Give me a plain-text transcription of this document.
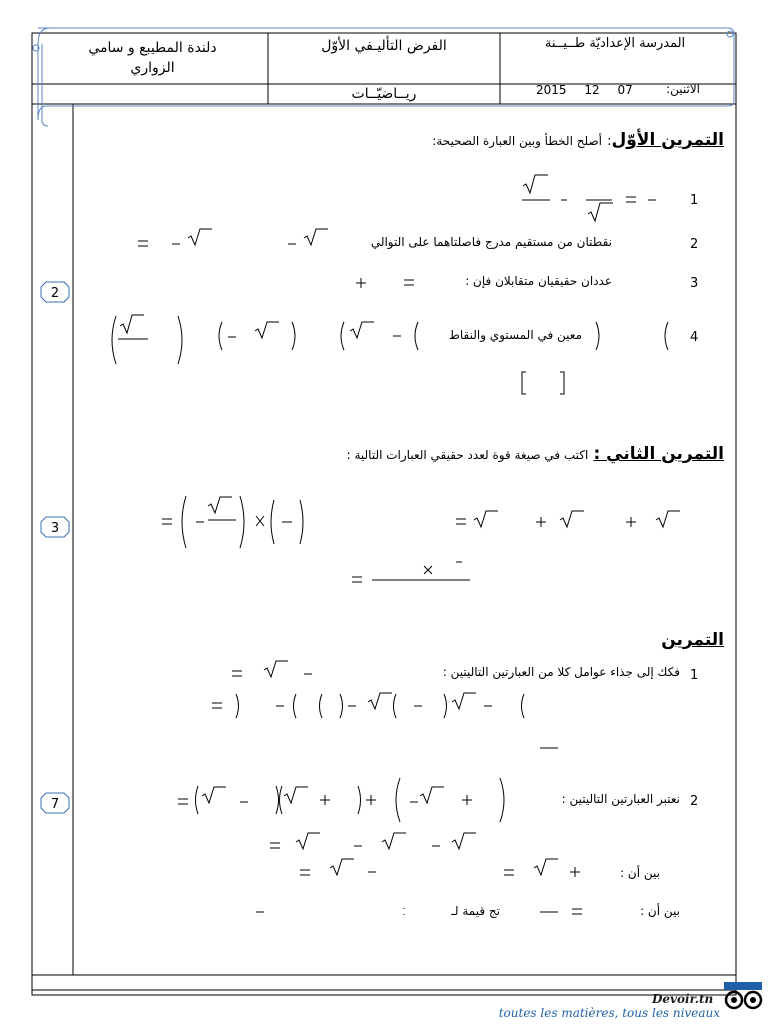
دلندة المطيبع و سامي
الزواري
الفرض التأليـفي الأوّل
ريــاضيّــات
المدرسة الإعداديّة طــيــنة
الاثنين:
2015 12 07
2
3
7
التمرين الأوّل: أصلح الخطأ وبين العبارة الصحيحة:
1
2
نقطتان من مستقيم مدرج فاصلتاهما على التوالي
3
عددان حقيقيان متقابلان فإن :
4
معين في المستوي والنقاط
التمرين الثاني : اكتب في صيغة قوة لعدد حقيقي العبارات التالية :
التمرين
1
فكك إلى جذاء عوامل كلا من العبارتين التاليتين :
2
نعتبر العبارتين التاليتين :
بين أن :
بين أن :
تج قيمة لـ
Devoir.tn
toutes les matières, tous les niveaux
